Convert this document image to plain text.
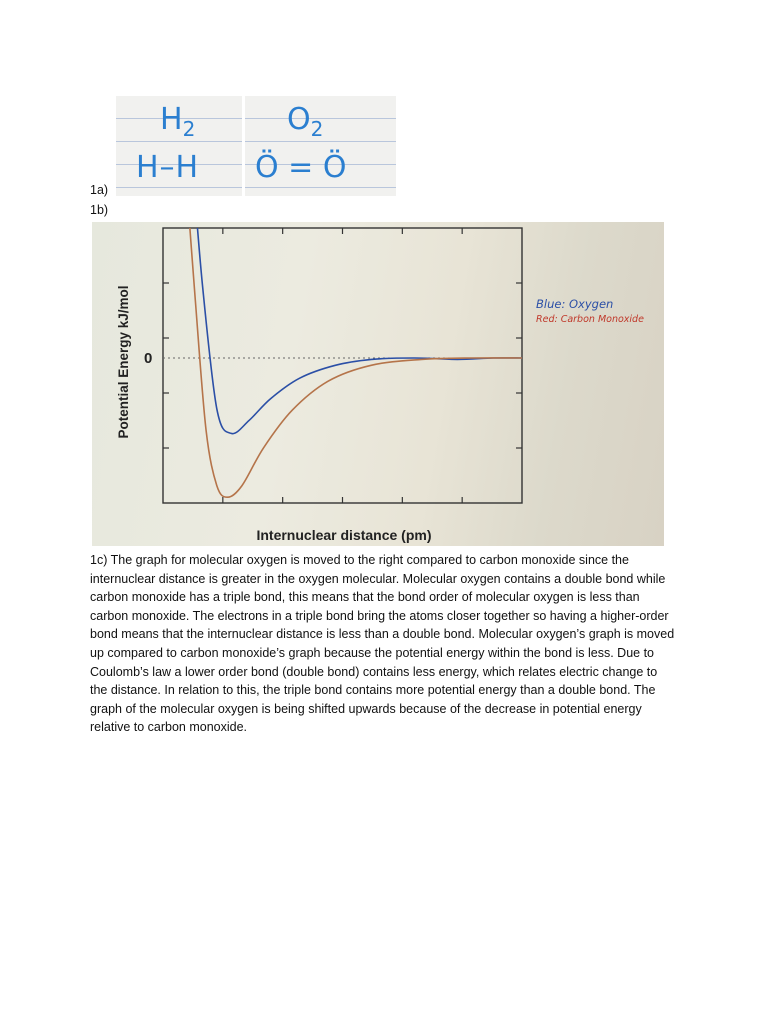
$H_2$
H–H
$O_2$
Ö = Ö
1a)
1b)
0
Potential Energy kJ/mol
Internuclear distance (pm)
Blue: Oxygen
Red: Carbon Monoxide
1c) The graph for molecular oxygen is moved to the right compared to carbon monoxide since the internuclear distance is greater in the oxygen molecular. Molecular oxygen contains a double bond while carbon monoxide has a triple bond, this means that the bond order of molecular oxygen is less than carbon monoxide. The electrons in a triple bond bring the atoms closer together so having a higher-order bond means that the internuclear distance is less than a double bond. Molecular oxygen’s graph is moved up compared to carbon monoxide’s graph because the potential energy within the bond is less. Due to Coulomb’s law a lower order bond (double bond) contains less energy, which relates electric change to the distance. In relation to this, the triple bond contains more potential energy than a double bond. The graph of the molecular oxygen is being shifted upwards because of the decrease in potential energy relative to carbon monoxide.
